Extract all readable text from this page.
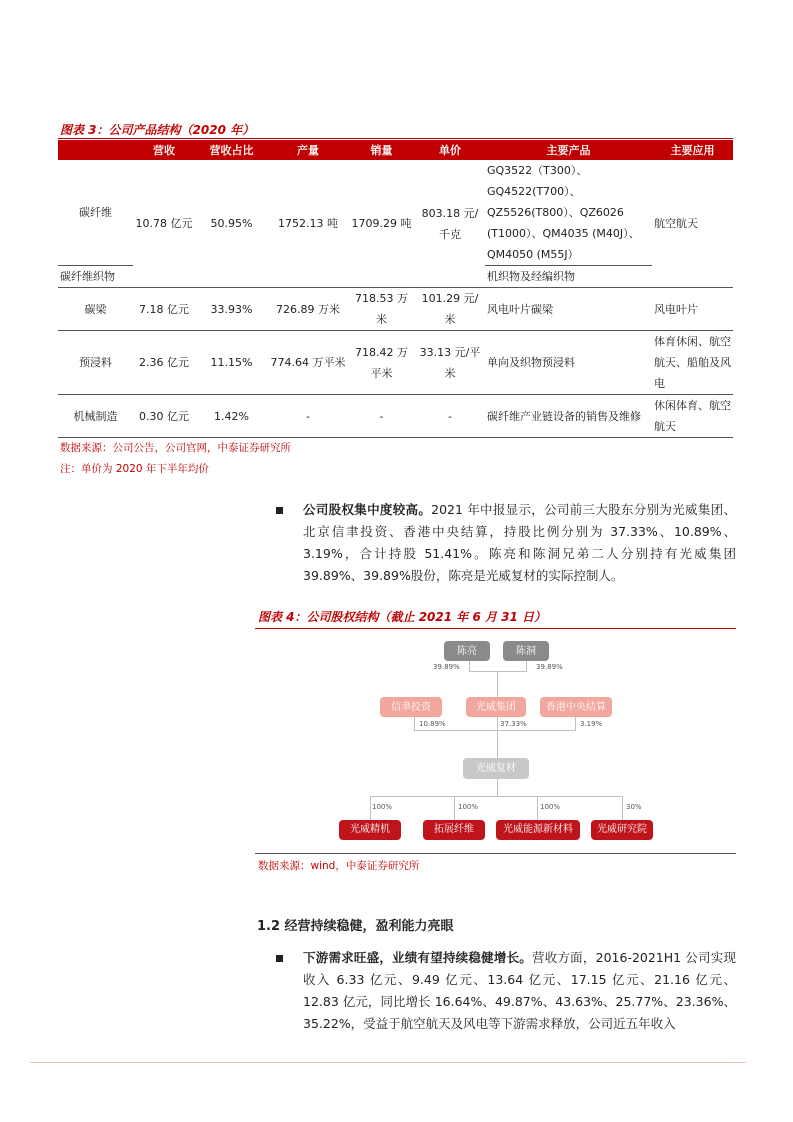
图表 3：公司产品结构（2020 年）
	营收	营收占比	产量	销量	单价	主要产品	主要应用
碳纤维	10.78 亿元	50.95%	1752.13 吨	1709.29 吨	803.18 元/千克	GQ3522（T300）、GQ4522(T700）、QZ5526(T800）、QZ6026 (T1000）、QM4035 (M40J）、QM4050 (M55J）	航空航天
碳纤维织物						机织物及经编织物	
碳梁	7.18 亿元	33.93%	726.89 万米	718.53 万米	101.29 元/米	风电叶片碳梁	风电叶片
预浸料	2.36 亿元	11.15%	774.64 万平米	718.42 万平米	33.13 元/平米	单向及织物预浸料	体育休闲、航空航天、船舶及风电
机械制造	0.30 亿元	1.42%	-	-	-	碳纤维产业链设备的销售及维修	休闲体育、航空航天
数据来源：公司公告，公司官网，中泰证券研究所
注：单价为 2020 年下半年均价
公司股权集中度较高。2021 年中报显示，公司前三大股东分别为光威集团、北京信聿投资、香港中央结算，持股比例分别为 37.33%、10.89%、3.19%，合计持股 51.41%。陈亮和陈洞兄弟二人分别持有光威集团 39.89%、39.89%股份，陈亮是光威复材的实际控制人。
图表 4：公司股权结构（截止 2021 年 6 月 31 日）
陈亮	陈洞
39.89%	39.89%
信聿投资	光威集团	香港中央结算
10.89%	37.33%	3.19%
光威复材
100%	100%	100%	30%
光威精机	拓展纤维	光威能源新材料	光威研究院
数据来源：wind，中泰证券研究所
1.2 经营持续稳健，盈利能力亮眼
下游需求旺盛，业绩有望持续稳健增长。营收方面，2016-2021H1 公司实现收入 6.33 亿元、9.49 亿元、13.64 亿元、17.15 亿元、21.16 亿元、12.83 亿元，同比增长 16.64%、49.87%、43.63%、25.77%、23.36%、35.22%，受益于航空航天及风电等下游需求释放，公司近五年收入
